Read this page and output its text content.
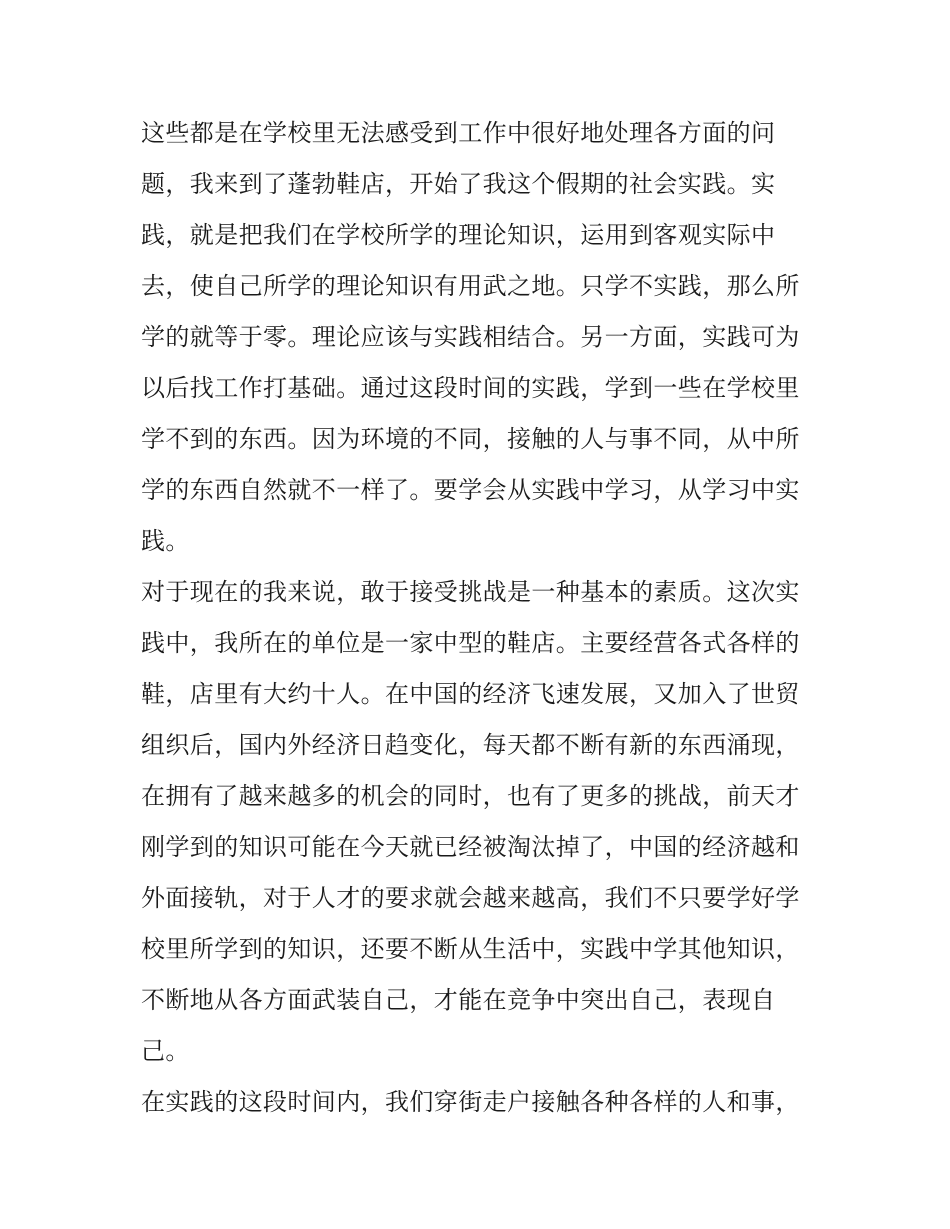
这些都是在学校里无法感受到工作中很好地处理各方面的问
题，我来到了蓬勃鞋店，开始了我这个假期的社会实践。实
践，就是把我们在学校所学的理论知识，运用到客观实际中
去，使自己所学的理论知识有用武之地。只学不实践，那么所
学的就等于零。理论应该与实践相结合。另一方面，实践可为
以后找工作打基础。通过这段时间的实践，学到一些在学校里
学不到的东西。因为环境的不同，接触的人与事不同，从中所
学的东西自然就不一样了。要学会从实践中学习，从学习中实
践。
对于现在的我来说，敢于接受挑战是一种基本的素质。这次实
践中，我所在的单位是一家中型的鞋店。主要经营各式各样的
鞋，店里有大约十人。在中国的经济飞速发展，又加入了世贸
组织后，国内外经济日趋变化，每天都不断有新的东西涌现，
在拥有了越来越多的机会的同时，也有了更多的挑战，前天才
刚学到的知识可能在今天就已经被淘汰掉了，中国的经济越和
外面接轨，对于人才的要求就会越来越高，我们不只要学好学
校里所学到的知识，还要不断从生活中，实践中学其他知识，
不断地从各方面武装自己，才能在竞争中突出自己，表现自
己。
在实践的这段时间内，我们穿街走户接触各种各样的人和事，
